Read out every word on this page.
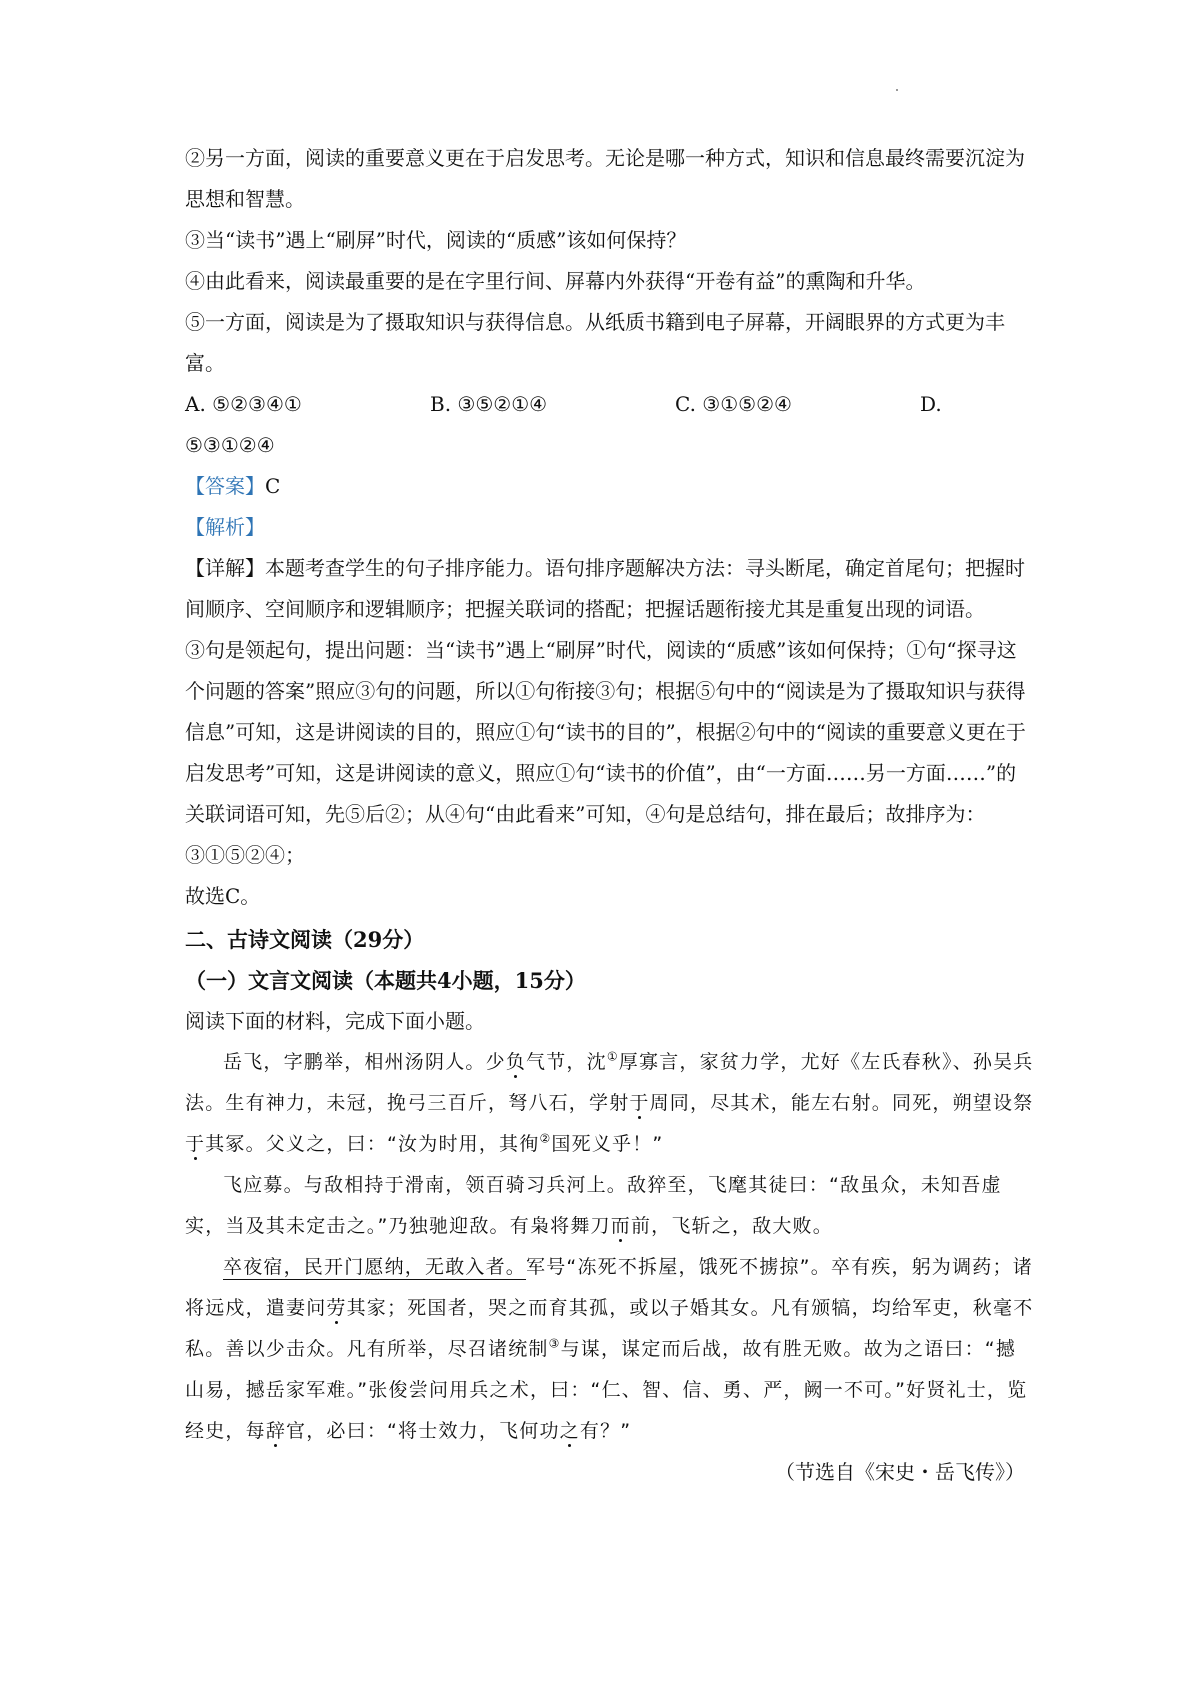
②另一方面，阅读的重要意义更在于启发思考。无论是哪一种方式，知识和信息最终需要沉淀为思想和智慧。

③当“读书”遇上“刷屏”时代，阅读的“质感”该如何保持？

④由此看来，阅读最重要的是在字里行间、屏幕内外获得“开卷有益”的熏陶和升华。

⑤一方面，阅读是为了摄取知识与获得信息。从纸质书籍到电子屏幕，开阔眼界的方式更为丰富。

A. ⑤②③④①	B. ③⑤②①④	C. ③①⑤②④	D.

⑤③①②④

【答案】C

【解析】

【详解】本题考查学生的句子排序能力。语句排序题解决方法：寻头断尾，确定首尾句；把握时间顺序、空间顺序和逻辑顺序；把握关联词的搭配；把握话题衔接尤其是重复出现的词语。

③句是领起句，提出问题：当“读书”遇上“刷屏”时代，阅读的“质感”该如何保持；①句“探寻这个问题的答案”照应③句的问题，所以①句衔接③句；根据⑤句中的“阅读是为了摄取知识与获得信息”可知，这是讲阅读的目的，照应①句“读书的目的”，根据②句中的“阅读的重要意义更在于启发思考”可知，这是讲阅读的意义，照应①句“读书的价值”，由“一方面……另一方面……”的关联词语可知，先⑤后②；从④句“由此看来”可知，④句是总结句，排在最后；故排序为：③①⑤②④；

故选C。

二、古诗文阅读（29分）

（一）文言文阅读（本题共4小题，15分）

阅读下面的材料，完成下面小题。

岳飞，字鹏举，相州汤阴人。少负气节，沈①厚寡言，家贫力学，尤好《左氏春秋》、孙吴兵法。生有神力，未冠，挽弓三百斤，弩八石，学射于周同，尽其术，能左右射。同死，朔望设祭于其冢。父义之，曰：“汝为时用，其徇②国死义乎！”

飞应募。与敌相持于滑南，领百骑习兵河上。敌猝至，飞麾其徒曰：“敌虽众，未知吾虚实，当及其未定击之。”乃独驰迎敌。有枭将舞刀而前，飞斩之，敌大败。

卒夜宿，民开门愿纳，无敢入者。军号“冻死不拆屋，饿死不掳掠”。卒有疾，躬为调药；诸将远戍，遣妻问劳其家；死国者，哭之而育其孤，或以子婚其女。凡有颁犒，均给军吏，秋毫不私。善以少击众。凡有所举，尽召诸统制③与谋，谋定而后战，故有胜无败。故为之语曰：“撼山易，撼岳家军难。”张俊尝问用兵之术，曰：“仁、智、信、勇、严，阙一不可。”好贤礼士，览经史，每辞官，必曰：“将士效力，飞何功之有？”

（节选自《宋史・岳飞传》）
